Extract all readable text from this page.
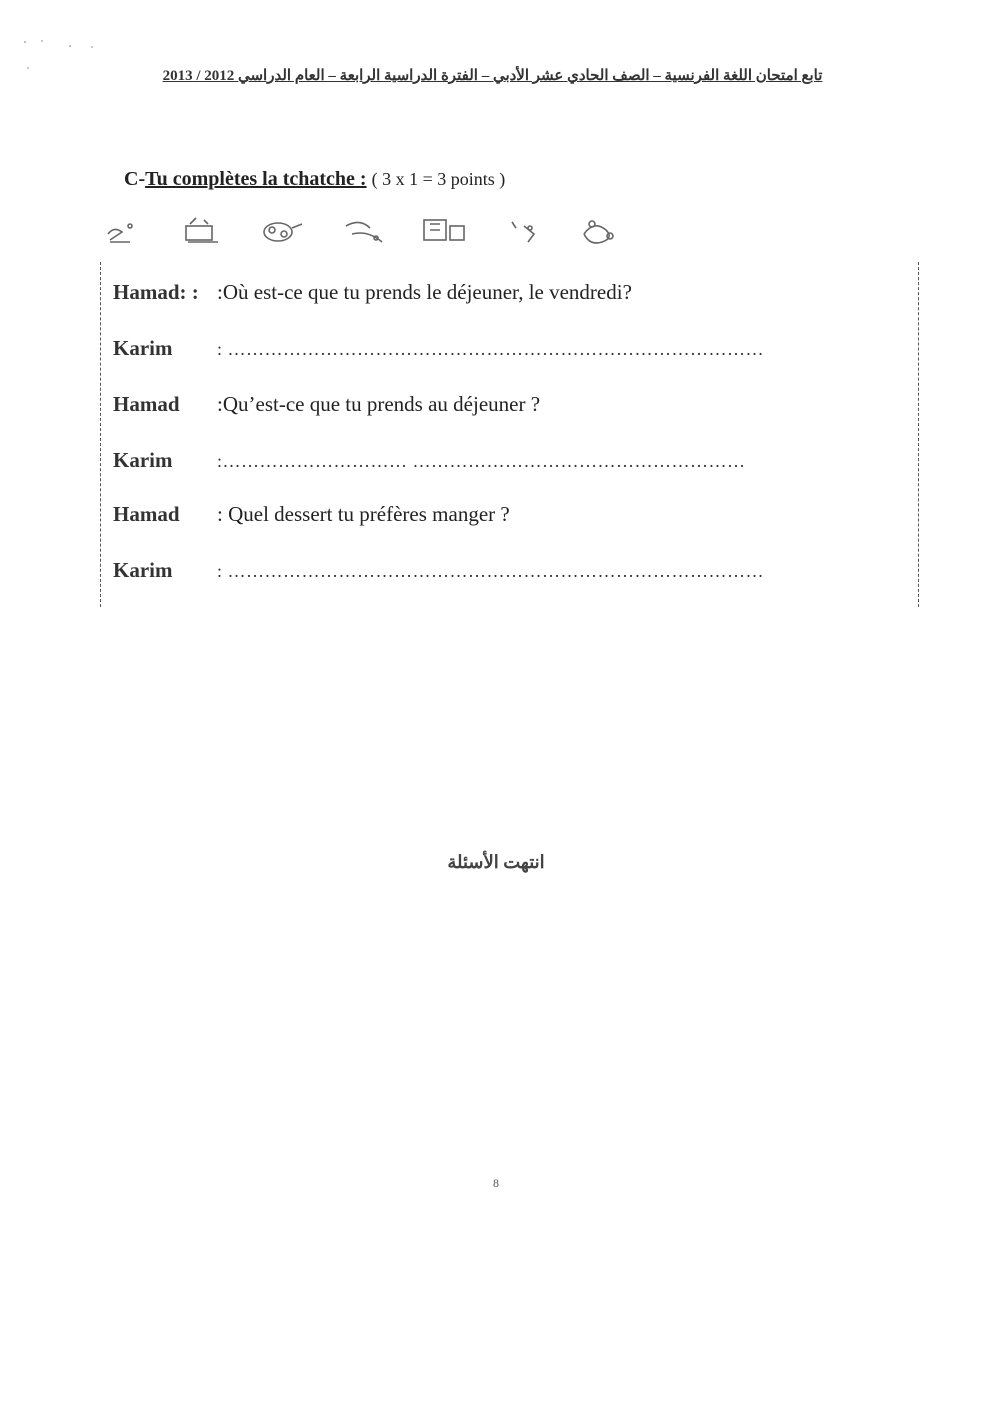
تابع امتحان اللغة الفرنسية – الصف الحادي عشر الأدبي – الفترة الدراسية الرابعة – العام الدراسي 2012 / 2013
C-Tu complètes la tchatche : ( 3 x 1 = 3 points )
Hamad: : :Où est-ce que tu prends le déjeuner, le vendredi?
Karim	: ……………………………………………………………………………
Hamad	:Qu’est-ce que tu prends au déjeuner ?
Karim	:………………………… ………………………………………………
Hamad	: Quel dessert tu préfères manger ?
Karim	: ……………………………………………………………………………
انتهت الأسئلة
8
